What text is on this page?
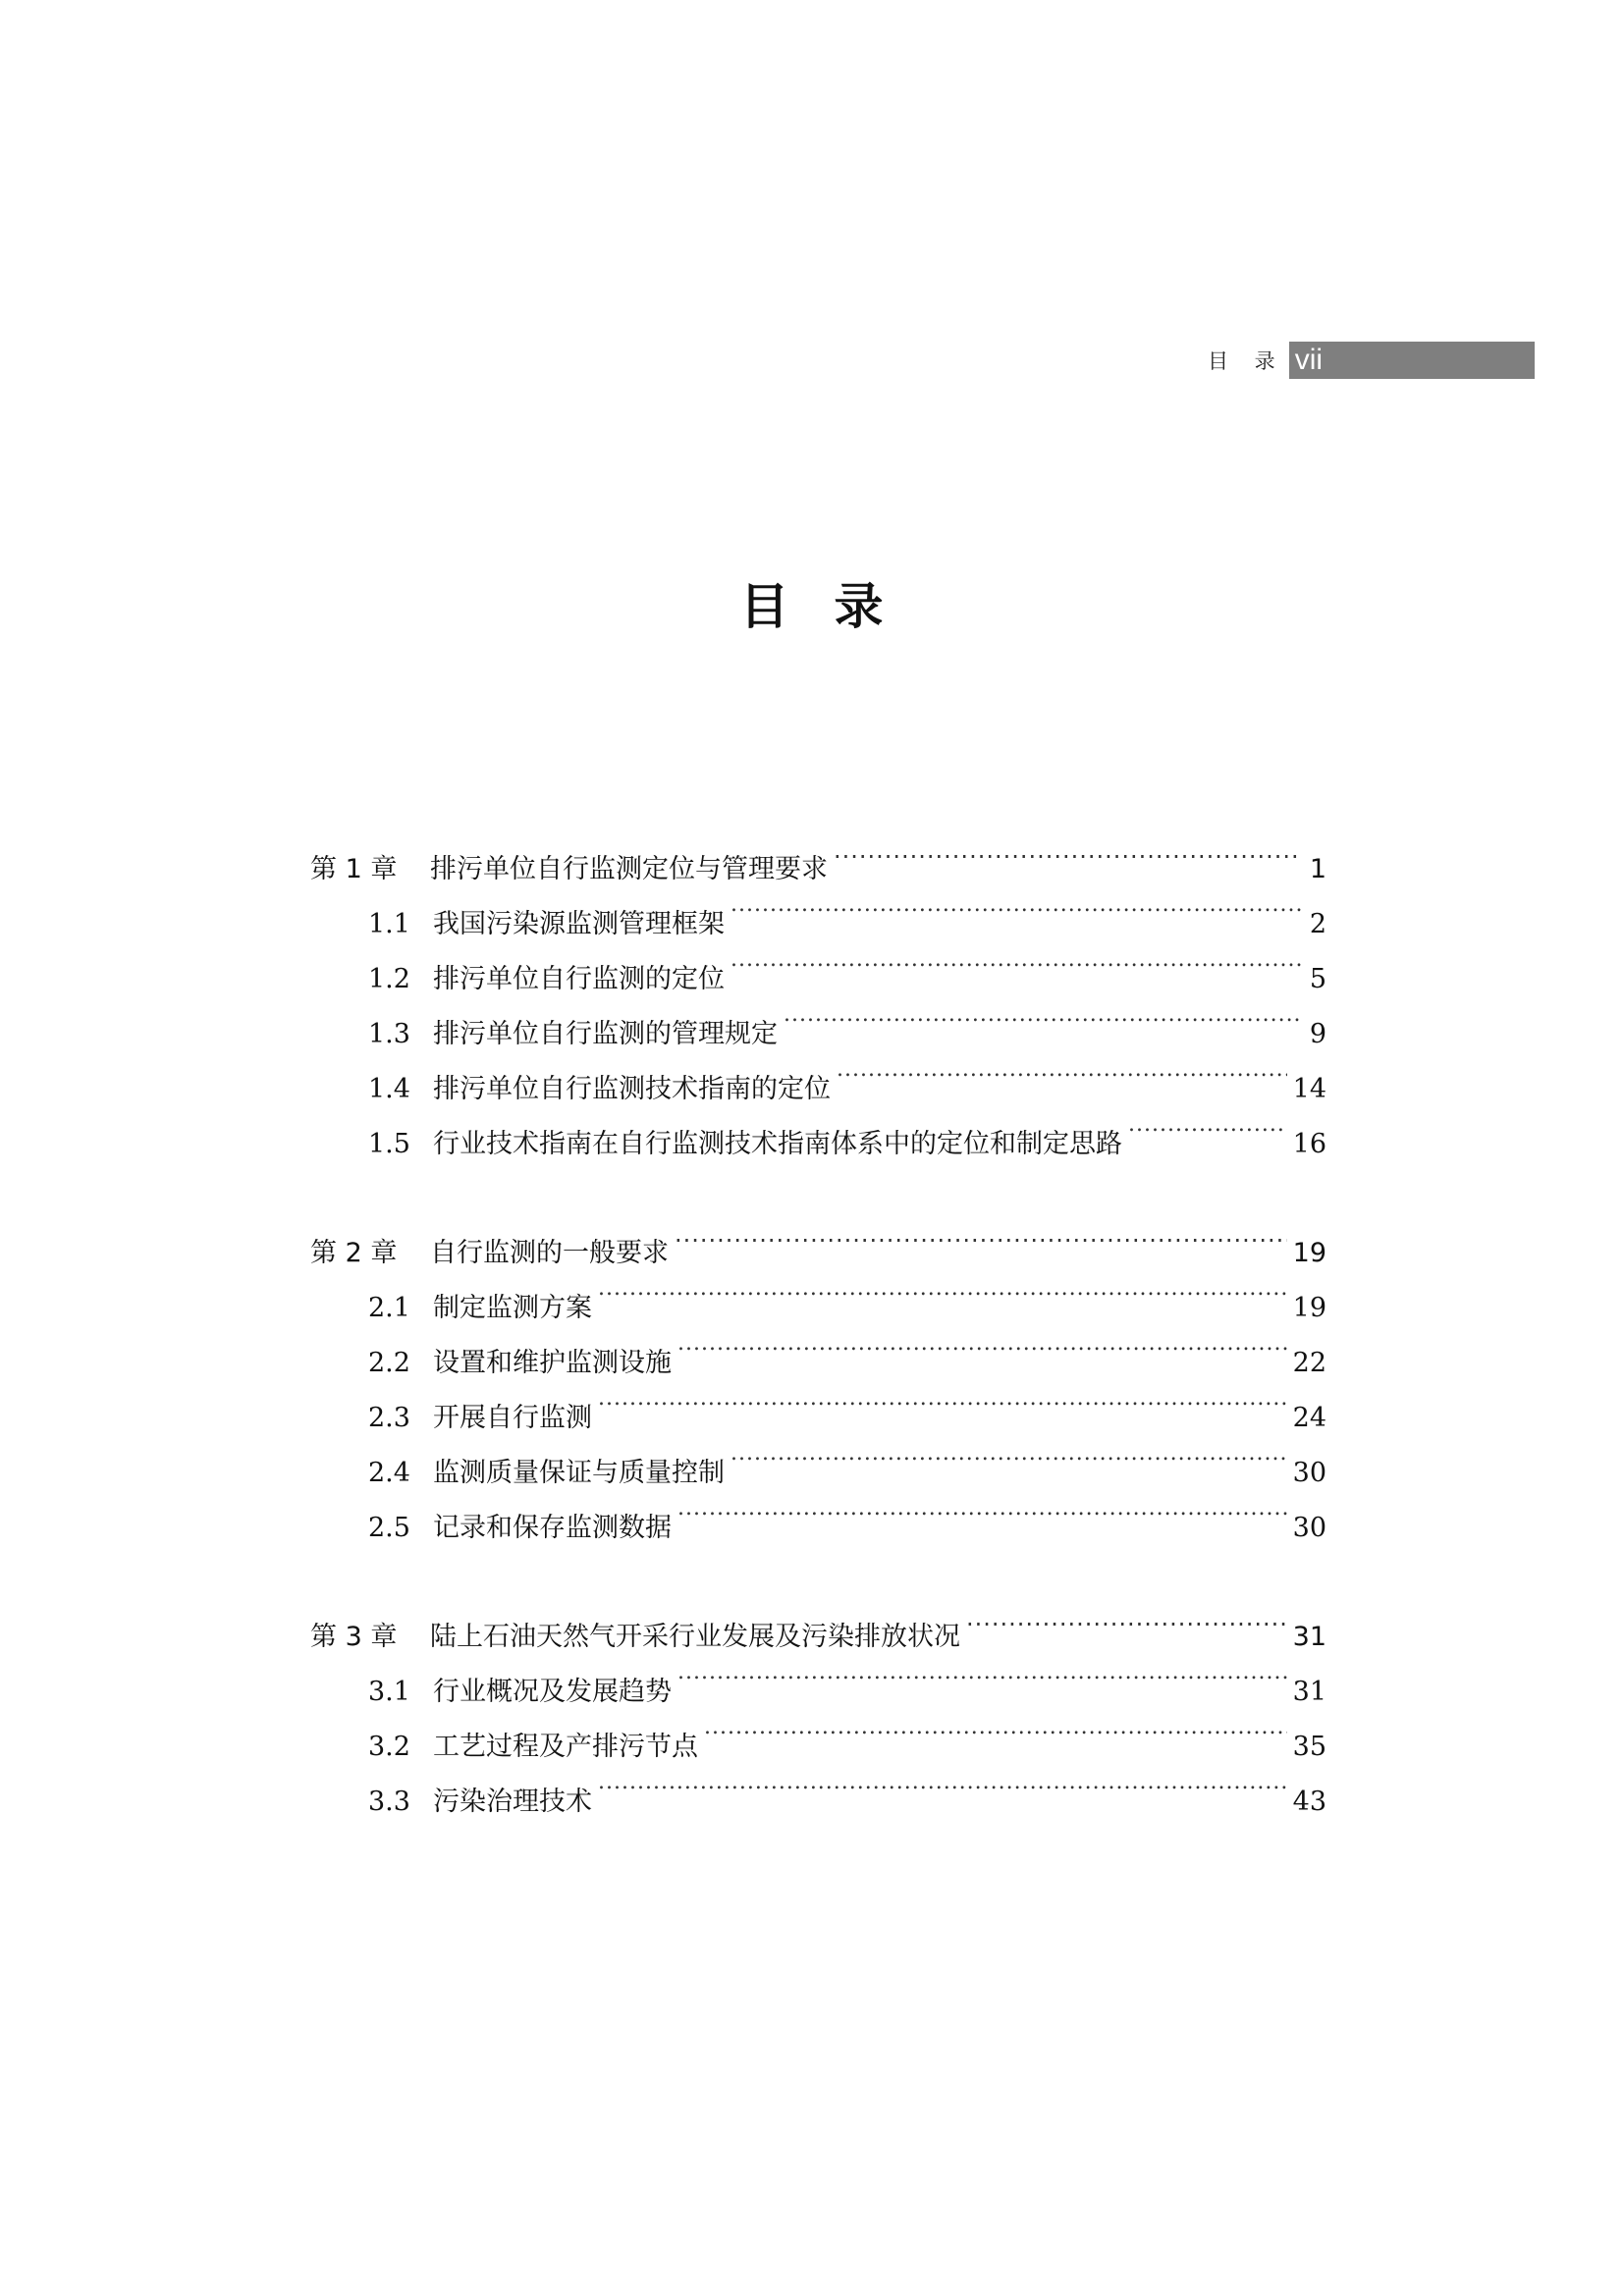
目 录 vii
目录
第 1 章	排污单位自行监测定位与管理要求 .....	1
1.1 我国污染源监测管理框架 .....	2
1.2 排污单位自行监测的定位 .....	5
1.3 排污单位自行监测的管理规定 .....	9
1.4 排污单位自行监测技术指南的定位 .....	14
1.5 行业技术指南在自行监测技术指南体系中的定位和制定思路 .....	16
第 2 章	自行监测的一般要求 .....	19
2.1 制定监测方案 .....	19
2.2 设置和维护监测设施 .....	22
2.3 开展自行监测 .....	24
2.4 监测质量保证与质量控制 .....	30
2.5 记录和保存监测数据 .....	30
第 3 章	陆上石油天然气开采行业发展及污染排放状况 .....	31
3.1 行业概况及发展趋势 .....	31
3.2 工艺过程及产排污节点 .....	35
3.3 污染治理技术 .....	43
